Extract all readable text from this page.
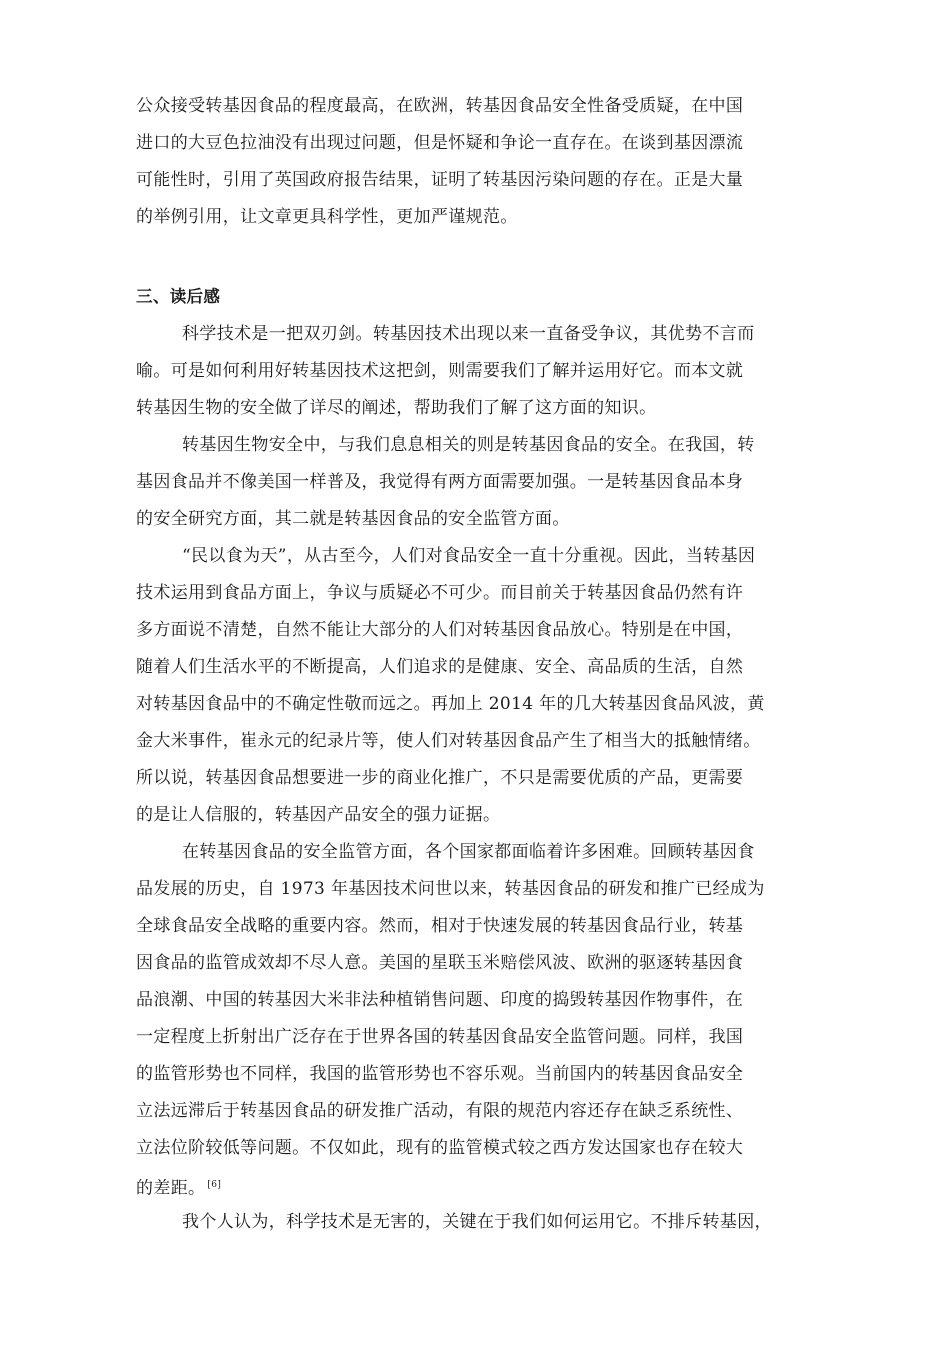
公众接受转基因食品的程度最高，在欧洲，转基因食品安全性备受质疑，在中国
进口的大豆色拉油没有出现过问题，但是怀疑和争论一直存在。在谈到基因漂流
可能性时，引用了英国政府报告结果，证明了转基因污染问题的存在。正是大量
的举例引用，让文章更具科学性，更加严谨规范。
三、读后感
科学技术是一把双刃剑。转基因技术出现以来一直备受争议，其优势不言而
喻。可是如何利用好转基因技术这把剑，则需要我们了解并运用好它。而本文就
转基因生物的安全做了详尽的阐述，帮助我们了解了这方面的知识。
转基因生物安全中，与我们息息相关的则是转基因食品的安全。在我国，转
基因食品并不像美国一样普及，我觉得有两方面需要加强。一是转基因食品本身
的安全研究方面，其二就是转基因食品的安全监管方面。
“民以食为天”，从古至今，人们对食品安全一直十分重视。因此，当转基因
技术运用到食品方面上，争议与质疑必不可少。而目前关于转基因食品仍然有许
多方面说不清楚，自然不能让大部分的人们对转基因食品放心。特别是在中国，
随着人们生活水平的不断提高，人们追求的是健康、安全、高品质的生活，自然
对转基因食品中的不确定性敬而远之。再加上 2014 年的几大转基因食品风波，黄
金大米事件，崔永元的纪录片等，使人们对转基因食品产生了相当大的抵触情绪。
所以说，转基因食品想要进一步的商业化推广，不只是需要优质的产品，更需要
的是让人信服的，转基因产品安全的强力证据。
在转基因食品的安全监管方面，各个国家都面临着许多困难。回顾转基因食
品发展的历史，自 1973 年基因技术问世以来，转基因食品的研发和推广已经成为
全球食品安全战略的重要内容。然而，相对于快速发展的转基因食品行业，转基
因食品的监管成效却不尽人意。美国的星联玉米赔偿风波、欧洲的驱逐转基因食
品浪潮、中国的转基因大米非法种植销售问题、印度的捣毁转基因作物事件，在
一定程度上折射出广泛存在于世界各国的转基因食品安全监管问题。同样，我国
的监管形势也不同样，我国的监管形势也不容乐观。当前国内的转基因食品安全
立法远滞后于转基因食品的研发推广活动，有限的规范内容还存在缺乏系统性、
立法位阶较低等问题。不仅如此，现有的监管模式较之西方发达国家也存在较大
的差距。 [6]
我个人认为，科学技术是无害的，关键在于我们如何运用它。不排斥转基因，
